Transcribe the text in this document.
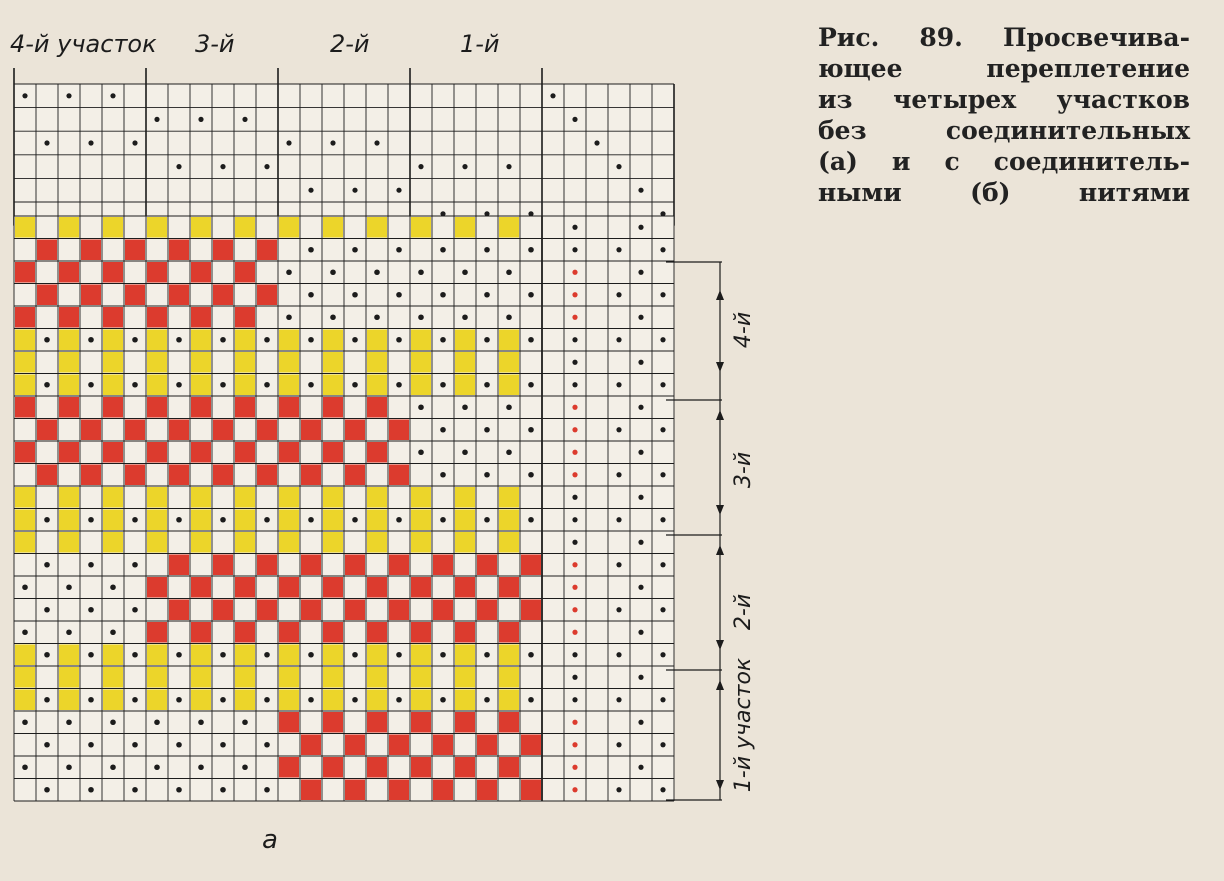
4-й участок 3-й	2-й	1-й
4-й
3-й
2-й
1-й участок
а
Рис. 89. Просвечива-
ющее переплетение
из четырех участков
без соединительных
(а) и с соединитель-
ными (б) нитями
